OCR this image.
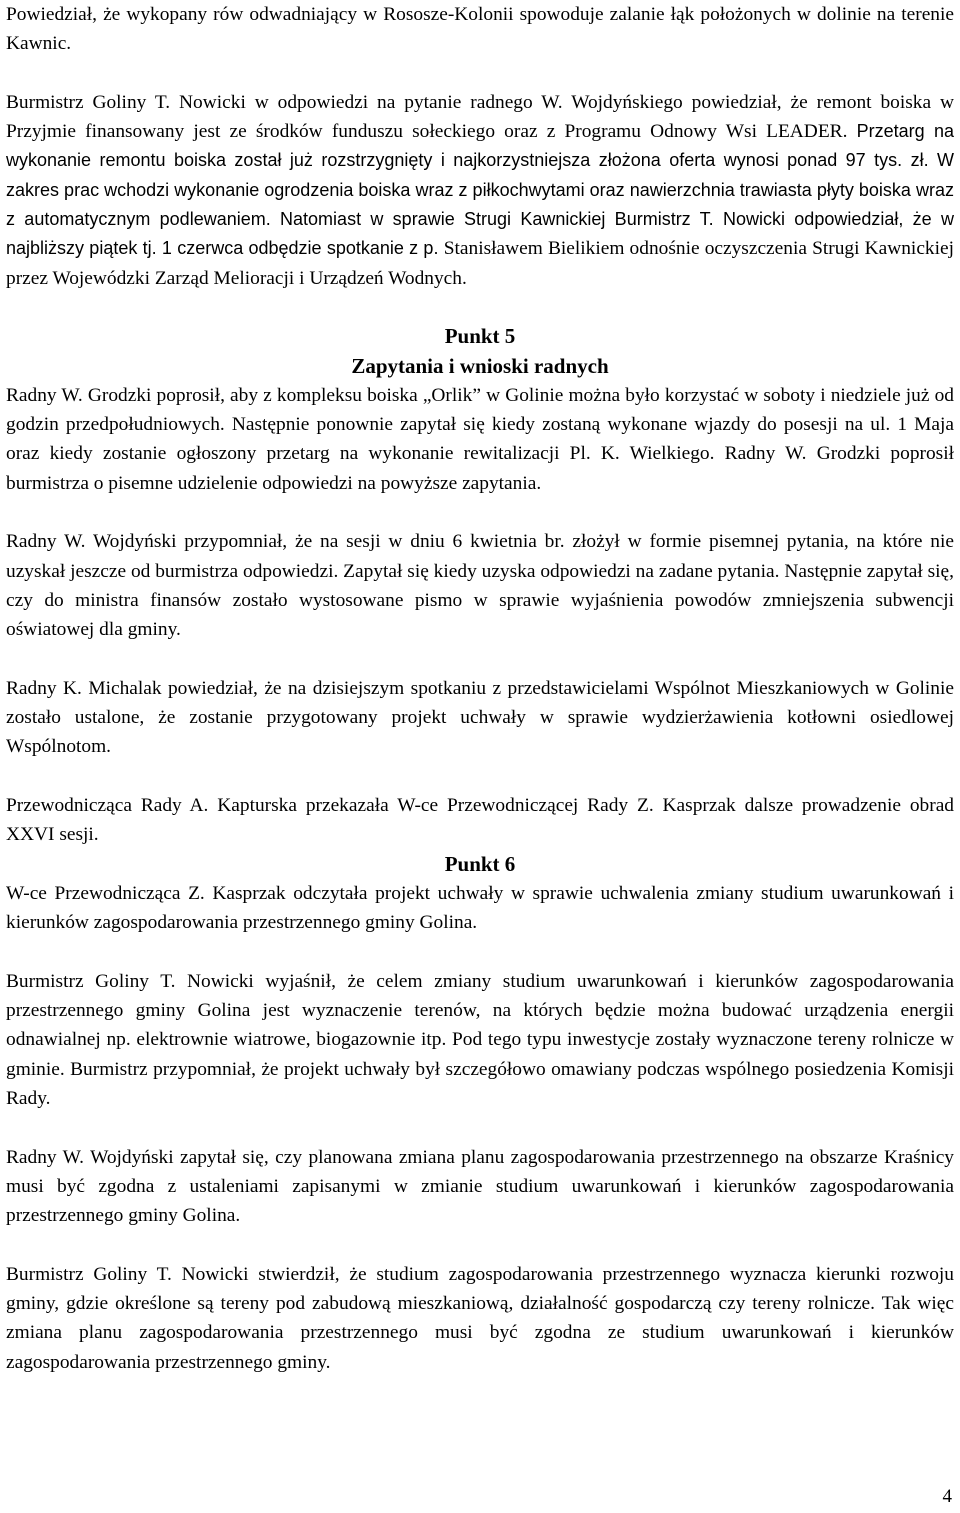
Powiedział, że wykopany rów odwadniający w Rososze-Kolonii spowoduje zalanie łąk położonych w dolinie na terenie Kawnic.

Burmistrz Goliny T. Nowicki w odpowiedzi na pytanie radnego W. Wojdyńskiego powiedział, że remont boiska w Przyjmie finansowany jest ze środków funduszu sołeckiego oraz z Programu Odnowy Wsi LEADER. Przetarg na wykonanie remontu boiska został już rozstrzygnięty i najkorzystniejsza złożona oferta wynosi ponad 97 tys. zł. W zakres prac wchodzi wykonanie ogrodzenia boiska wraz z piłkochwytami oraz nawierzchnia trawiasta płyty boiska wraz z automatycznym podlewaniem. Natomiast w sprawie Strugi Kawnickiej Burmistrz T. Nowicki odpowiedział, że w najbliższy piątek tj. 1 czerwca odbędzie spotkanie z p. Stanisławem Bielikiem odnośnie oczyszczenia Strugi Kawnickiej przez Wojewódzki Zarząd Melioracji i Urządzeń Wodnych.

Punkt 5
Zapytania i wnioski radnych

Radny W. Grodzki poprosił, aby z kompleksu boiska „Orlik” w Golinie można było korzystać w soboty i niedziele już od godzin przedpołudniowych. Następnie ponownie zapytał się kiedy zostaną wykonane wjazdy do posesji na ul. 1 Maja oraz kiedy zostanie ogłoszony przetarg na wykonanie rewitalizacji Pl. K. Wielkiego. Radny W. Grodzki poprosił burmistrza o pisemne udzielenie odpowiedzi na powyższe zapytania.

Radny W. Wojdyński przypomniał, że na sesji w dniu 6 kwietnia br. złożył w formie pisemnej pytania, na które nie uzyskał jeszcze od burmistrza odpowiedzi. Zapytał się kiedy uzyska odpowiedzi na zadane pytania. Następnie zapytał się, czy do ministra finansów zostało wystosowane pismo w sprawie wyjaśnienia powodów zmniejszenia subwencji oświatowej dla gminy.

Radny K. Michalak powiedział, że na dzisiejszym spotkaniu z przedstawicielami Wspólnot Mieszkaniowych w Golinie zostało ustalone, że zostanie przygotowany projekt uchwały w sprawie wydzierżawienia kotłowni osiedlowej Wspólnotom.

Przewodnicząca Rady A. Kapturska przekazała W-ce Przewodniczącej Rady Z. Kasprzak dalsze prowadzenie obrad XXVI sesji.

Punkt 6

W-ce Przewodnicząca Z. Kasprzak odczytała projekt uchwały w sprawie uchwalenia zmiany studium uwarunkowań i kierunków zagospodarowania przestrzennego gminy Golina.

Burmistrz Goliny T. Nowicki wyjaśnił, że celem zmiany studium uwarunkowań i kierunków zagospodarowania przestrzennego gminy Golina jest wyznaczenie terenów, na których będzie można budować urządzenia energii odnawialnej np. elektrownie wiatrowe, biogazownie itp. Pod tego typu inwestycje zostały wyznaczone tereny rolnicze w gminie. Burmistrz przypomniał, że projekt uchwały był szczegółowo omawiany podczas wspólnego posiedzenia Komisji Rady.

Radny W. Wojdyński zapytał się, czy planowana zmiana planu zagospodarowania przestrzennego na obszarze Kraśnicy musi być zgodna z ustaleniami zapisanymi w zmianie studium uwarunkowań i kierunków zagospodarowania przestrzennego gminy Golina.

Burmistrz Goliny T. Nowicki stwierdził, że studium zagospodarowania przestrzennego wyznacza kierunki rozwoju gminy, gdzie określone są tereny pod zabudową mieszkaniową, działalność gospodarczą czy tereny rolnicze. Tak więc zmiana planu zagospodarowania przestrzennego musi być zgodna ze studium uwarunkowań i kierunków zagospodarowania przestrzennego gminy.

4
